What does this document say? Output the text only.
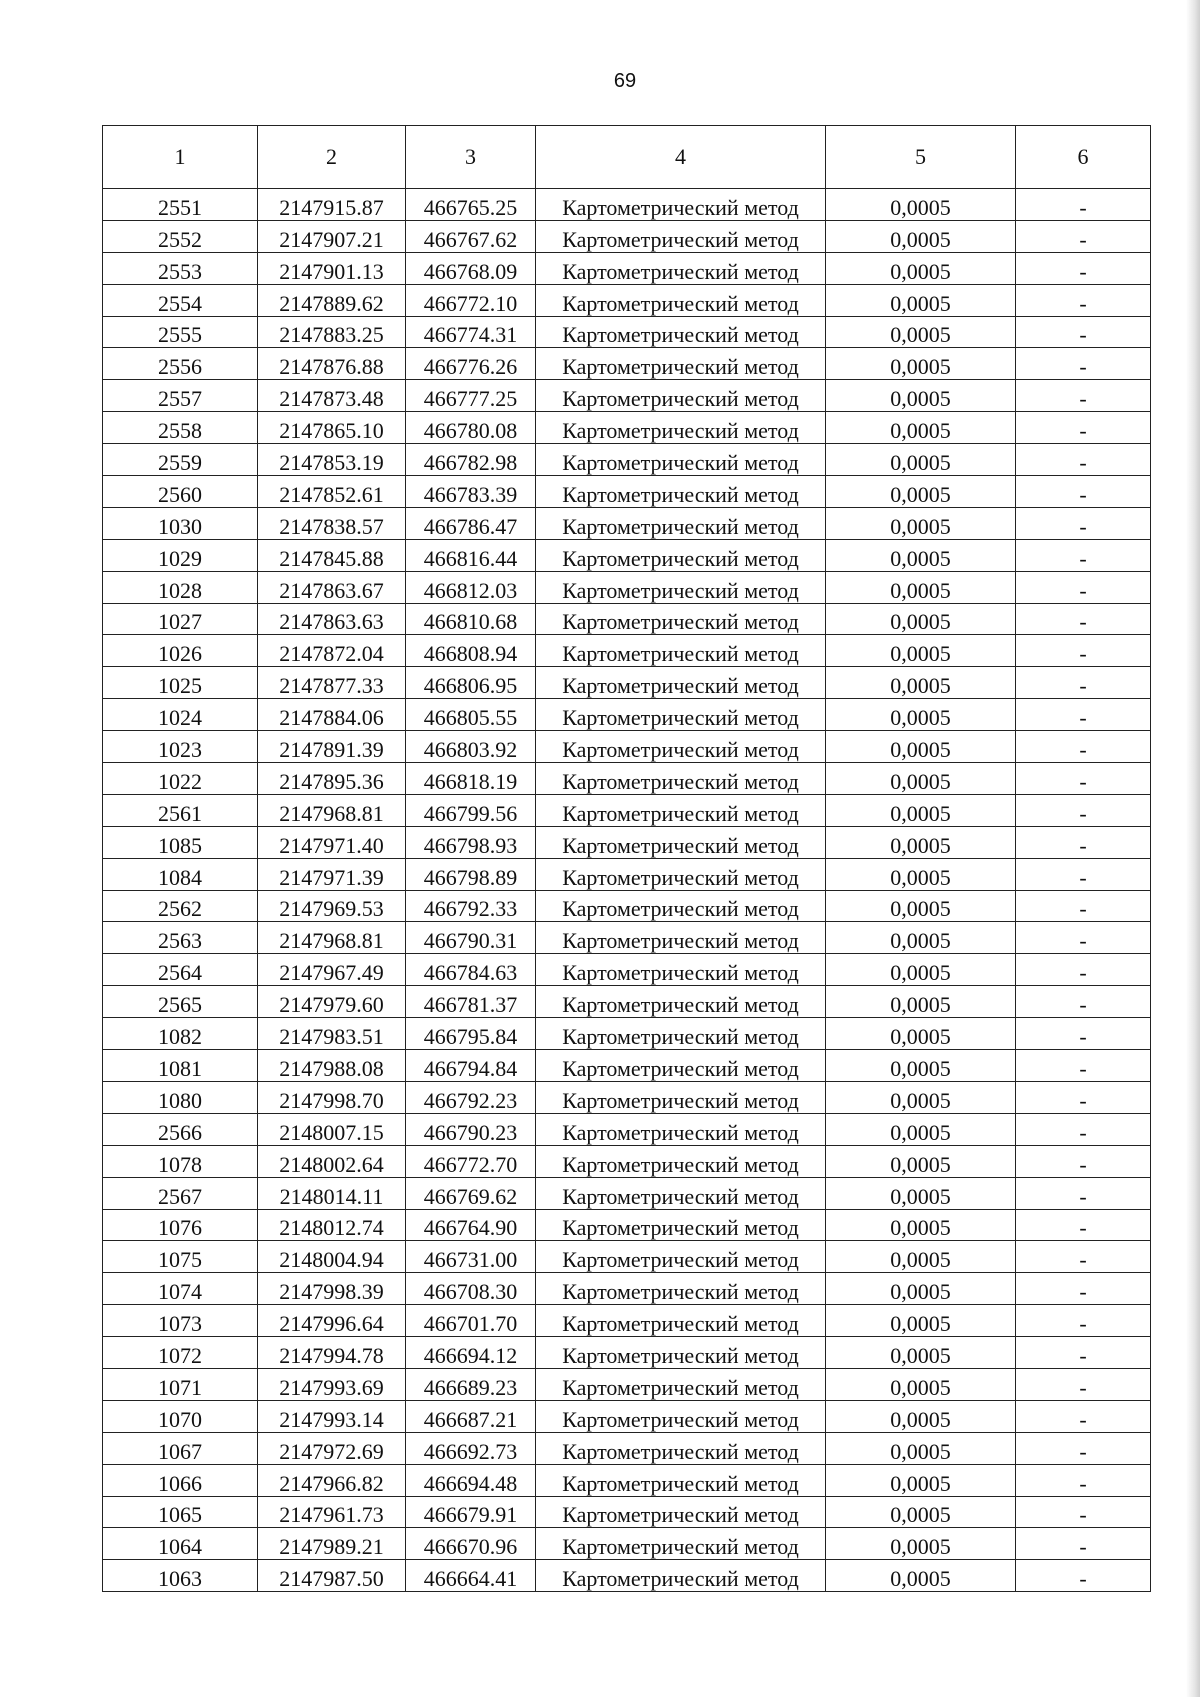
69
1	2	3	4	5	6
2551	2147915.87	466765.25	Картометрический метод	0,0005	-
2552	2147907.21	466767.62	Картометрический метод	0,0005	-
2553	2147901.13	466768.09	Картометрический метод	0,0005	-
2554	2147889.62	466772.10	Картометрический метод	0,0005	-
2555	2147883.25	466774.31	Картометрический метод	0,0005	-
2556	2147876.88	466776.26	Картометрический метод	0,0005	-
2557	2147873.48	466777.25	Картометрический метод	0,0005	-
2558	2147865.10	466780.08	Картометрический метод	0,0005	-
2559	2147853.19	466782.98	Картометрический метод	0,0005	-
2560	2147852.61	466783.39	Картометрический метод	0,0005	-
1030	2147838.57	466786.47	Картометрический метод	0,0005	-
1029	2147845.88	466816.44	Картометрический метод	0,0005	-
1028	2147863.67	466812.03	Картометрический метод	0,0005	-
1027	2147863.63	466810.68	Картометрический метод	0,0005	-
1026	2147872.04	466808.94	Картометрический метод	0,0005	-
1025	2147877.33	466806.95	Картометрический метод	0,0005	-
1024	2147884.06	466805.55	Картометрический метод	0,0005	-
1023	2147891.39	466803.92	Картометрический метод	0,0005	-
1022	2147895.36	466818.19	Картометрический метод	0,0005	-
2561	2147968.81	466799.56	Картометрический метод	0,0005	-
1085	2147971.40	466798.93	Картометрический метод	0,0005	-
1084	2147971.39	466798.89	Картометрический метод	0,0005	-
2562	2147969.53	466792.33	Картометрический метод	0,0005	-
2563	2147968.81	466790.31	Картометрический метод	0,0005	-
2564	2147967.49	466784.63	Картометрический метод	0,0005	-
2565	2147979.60	466781.37	Картометрический метод	0,0005	-
1082	2147983.51	466795.84	Картометрический метод	0,0005	-
1081	2147988.08	466794.84	Картометрический метод	0,0005	-
1080	2147998.70	466792.23	Картометрический метод	0,0005	-
2566	2148007.15	466790.23	Картометрический метод	0,0005	-
1078	2148002.64	466772.70	Картометрический метод	0,0005	-
2567	2148014.11	466769.62	Картометрический метод	0,0005	-
1076	2148012.74	466764.90	Картометрический метод	0,0005	-
1075	2148004.94	466731.00	Картометрический метод	0,0005	-
1074	2147998.39	466708.30	Картометрический метод	0,0005	-
1073	2147996.64	466701.70	Картометрический метод	0,0005	-
1072	2147994.78	466694.12	Картометрический метод	0,0005	-
1071	2147993.69	466689.23	Картометрический метод	0,0005	-
1070	2147993.14	466687.21	Картометрический метод	0,0005	-
1067	2147972.69	466692.73	Картометрический метод	0,0005	-
1066	2147966.82	466694.48	Картометрический метод	0,0005	-
1065	2147961.73	466679.91	Картометрический метод	0,0005	-
1064	2147989.21	466670.96	Картометрический метод	0,0005	-
1063	2147987.50	466664.41	Картометрический метод	0,0005	-
